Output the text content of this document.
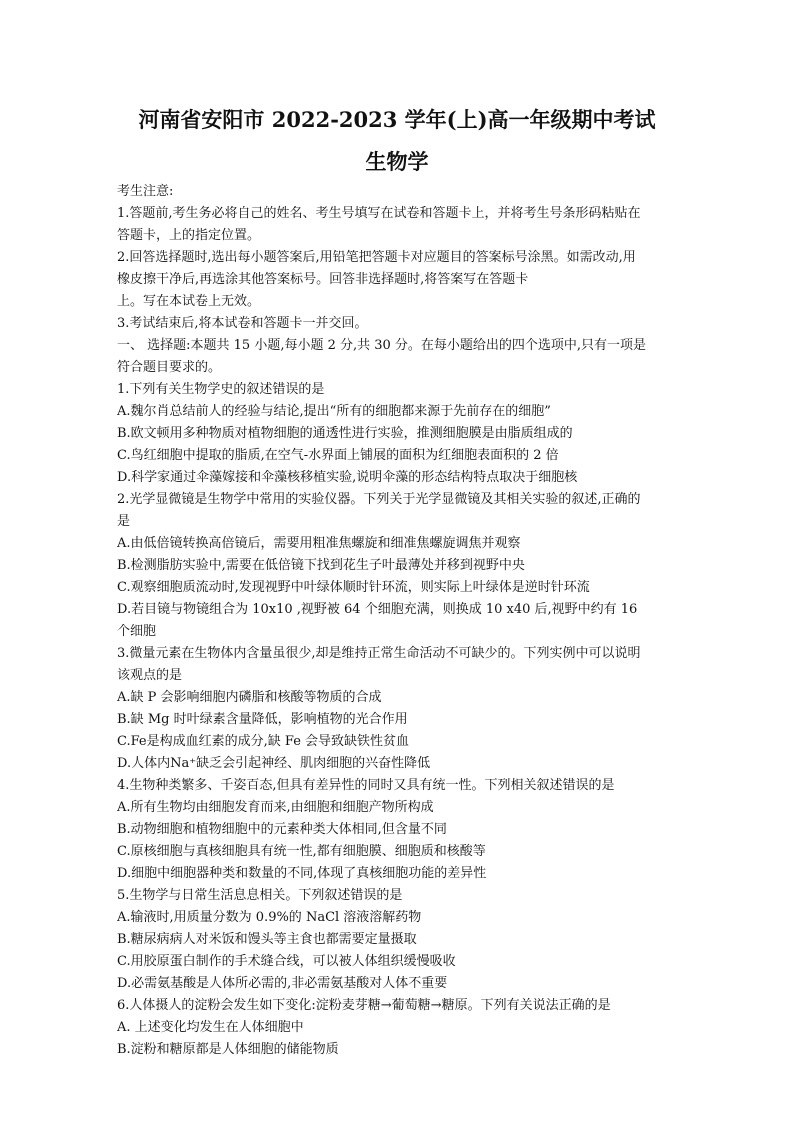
河南省安阳市 2022-2023 学年(上)高一年级期中考试
生物学
考生注意:
1.答题前,考生务必将自己的姓名、考生号填写在试卷和答题卡上，并将考生号条形码粘贴在
答题卡，上的指定位置。
2.回答选择题时,选出每小题答案后,用铅笔把答题卡对应题目的答案标号涂黑。如需改动,用
橡皮擦干净后,再选涂其他答案标号。回答非选择题时,将答案写在答题卡
上。写在本试卷上无效。
3.考试结束后,将本试卷和答题卡一并交回。
一、 选择题:本题共 15 小题,每小题 2 分,共 30 分。在每小题给出的四个选项中,只有一项是
符合题目要求的。
1.下列有关生物学史的叙述错误的是
A.魏尔肖总结前人的经验与结论,提出“所有的细胞都来源于先前存在的细胞”
B.欧文顿用多种物质对植物细胞的通透性进行实验，推测细胞膜是由脂质组成的
C.鸟红细胞中提取的脂质,在空气-水界面上铺展的面积为红细胞表面积的 2 倍
D.科学家通过伞藻嫁接和伞藻核移植实验,说明伞藻的形态结构特点取决于细胞核
2.光学显微镜是生物学中常用的实验仪器。下列关于光学显微镜及其相关实验的叙述,正确的
是
A.由低倍镜转换高倍镜后，需要用粗准焦螺旋和细准焦螺旋调焦并观察
B.检测脂肪实验中,需要在低倍镜下找到花生子叶最薄处并移到视野中央
C.观察细胞质流动时,发现视野中叶绿体顺时针环流，则实际上叶绿体是逆时针环流
D.若目镜与物镜组合为 10x10 ,视野被 64 个细胞充满，则换成 10 x40 后,视野中约有 16
个细胞
3.微量元素在生物体内含量虽很少,却是维持正常生命活动不可缺少的。下列实例中可以说明
该观点的是
A.缺 P 会影响细胞内磷脂和核酸等物质的合成
B.缺 Mg 时叶绿素含量降低，影响植物的光合作用
C.Fe是构成血红素的成分,缺 Fe 会导致缺铁性贫血
D.人体内Na⁺缺乏会引起神经、肌肉细胞的兴奋性降低
4.生物种类繁多、千姿百态,但具有差异性的同时又具有统一性。下列相关叙述错误的是
A.所有生物均由细胞发育而来,由细胞和细胞产物所构成
B.动物细胞和植物细胞中的元素种类大体相同,但含量不同
C.原核细胞与真核细胞具有统一性,都有细胞膜、细胞质和核酸等
D.细胞中细胞器种类和数量的不同,体现了真核细胞功能的差异性
5.生物学与日常生活息息相关。下列叙述错误的是
A.输液时,用质量分数为 0.9%的 NaCl 溶液溶解药物
B.糖尿病病人对米饭和馒头等主食也都需要定量摄取
C.用胶原蛋白制作的手术缝合线，可以被人体组织缓慢吸收
D.必需氨基酸是人体所必需的,非必需氨基酸对人体不重要
6.人体摄人的淀粉会发生如下变化:淀粉麦芽糖→葡萄糖→糖原。下列有关说法正确的是
A. 上述变化均发生在人体细胞中
B.淀粉和糖原都是人体细胞的储能物质
